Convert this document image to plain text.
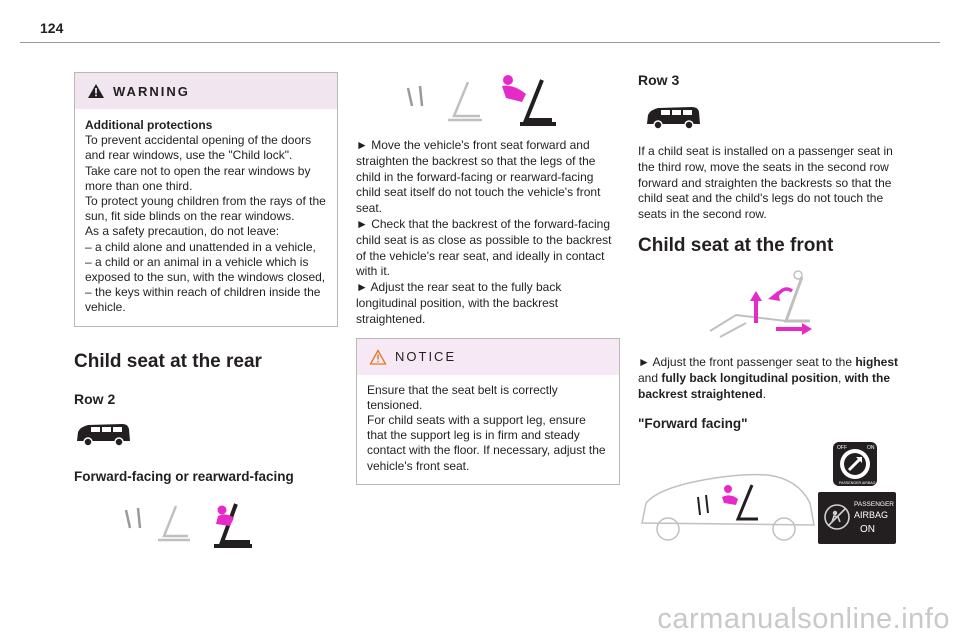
124
WARNING

Additional protections

To prevent accidental opening of the doors and rear windows, use the "Child lock".

Take care not to open the rear windows by more than one third.

To protect young children from the rays of the sun, fit side blinds on the rear windows.

As a safety precaution, do not leave:

– a child alone and unattended in a vehicle,

– a child or an animal in a vehicle which is exposed to the sun, with the windows closed,

– the keys within reach of children inside the vehicle.

Child seat at the rear
Row 2
Forward-facing or rearward-facing
► Move the vehicle's front seat forward and straighten the backrest so that the legs of the child in the forward-facing or rearward-facing child seat itself do not touch the vehicle's front seat.
► Check that the backrest of the forward-facing child seat is as close as possible to the backrest of the vehicle's rear seat, and ideally in contact with it.
► Adjust the rear seat to the fully back longitudinal position, with the backrest straightened.
NOTICE

Ensure that the seat belt is correctly tensioned.

For child seats with a support leg, ensure that the support leg is in firm and steady contact with the floor. If necessary, adjust the vehicle's front seat.

Row 3
If a child seat is installed on a passenger seat in the third row, move the seats in the second row forward and straighten the backrests so that the child seat and the child's legs do not touch the seats in the second row.
Child seat at the front
► Adjust the front passenger seat to the highest and fully back longitudinal position, with the backrest straightened.
"Forward facing"
OFF	ON
PASSENGER AIRBAG
PASSENGER
AIRBAG
ON
carmanualsonline.info
